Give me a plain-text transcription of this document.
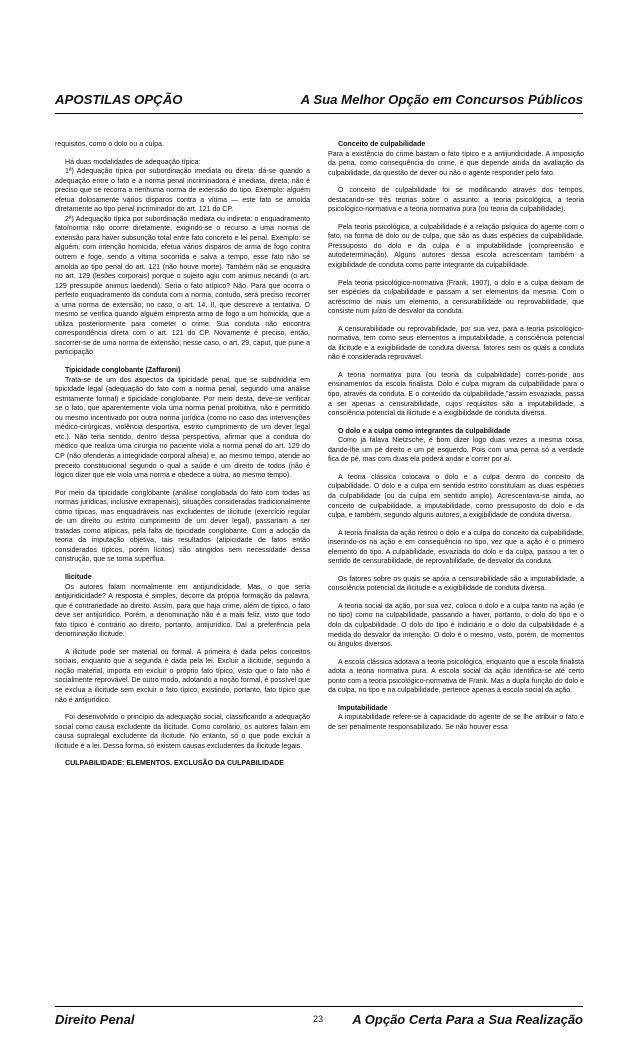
APOSTILAS OPÇÃO	A Sua Melhor Opção em Concursos Públicos

requisitos, como o dolo ou a culpa.

Há duas modalidades de adequação típica:

1ª) Adequação típica por subordinação imediata ou direta: dá-se quando a adequação entre o fato e a norma penal incriminadora é imediata, direta; não é preciso que se recorra a nenhuma norma de extensão do tipo. Exemplo: alguém efetua dolosamente vários disparos contra a vítima — este fato se amolda diretamente ao tipo penal incriminador do art. 121 do CP.

2ª) Adequação típica por subordinação mediata ou indireta: o enquadramento fato/norma não ocorre diretamente, exigindo-se o recurso a uma norma de extensão para haver subsunção total entre fato concreto e lei penal. Exemplo: se alguém, com intenção homicida, efetua vários disparos de arma de fogo contra outrem e foge, sendo a vítima socorrida e salva a tempo, esse fato não se amolda ao tipo penal do art. 121 (não houve morte). Também não se enquadra no art. 129 (lesões corporais) porque o sujeito agiu com animus necandi (o art. 129 pressupõe animus laedendi). Seria o fato atípico? Não. Para que ocorra o perfeito enquadramento da conduta com a norma, contudo, será preciso recorrer a uma norma de extensão; no caso, o art. 14, II, que descreve a tentativa. O mesmo se verifica quando alguém empresta arma de fogo a um homicida, que a utiliza posteriormente para cometer o crime. Sua conduta não encontra correspondência direta com o art. 121 do CP. Novamente é preciso, então, socorrer-se de uma norma de extensão; nesse caso, o art. 29, caput, que pune a participação

Tipicidade conglobante (Zaffaroni)

Trata-se de um dos aspectos da tipicidade penal, que se subdividiria em tipicidade legal (adequação do fato com a norma penal, segundo uma análise estritamente formal) e tipicidade conglobante. Por meio desta, deve-se verificar se o fato, que aparentemente viola uma norma penal proibitiva, não é permitido ou mesmo incentivado por outra norma jurídica (como no caso das intervenções médico-cirúrgicas, violência desportiva, estrito cumprimento de um dever legal etc.). Não teria sentido, dentro dessa perspectiva, afirmar que a conduta do médico que realiza uma cirurgia no paciente viola a norma penal do art. 129 do CP (não ofenderás a integridade corporal alheia) e, ao mesmo tempo, atende ao preceito constitucional segundo o qual a saúde é um direito de todos (não é lógico dizer que ele viola uma norma e obedece a outra, ao mesmo tempo).

Por meio da tipicidade conglobante (análise conglobada do fato com todas as normas jurídicas, inclusive extrapenais), situações consideradas tradicionalmente como típicas, mas enquadráveis nas excludentes de ilicitude (exercício regular de um direito ou estrito cumprimento de um dever legal), passariam a ser tratadas como atípicas, pela falta de tipicidade conglobante. Com a adoção da teoria da imputação objetiva, tais resultados (atipicidade de fatos então considerados típicos, porém lícitos) são atingidos sem necessidade dessa construção, que se torna supérflua.

Ilicitude

Os autores falam normalmente em antijuridicidade. Mas, o que seria antijuridicidade? A resposta é simples, decorre da própria formação da palavra, que é contrariedade ao direito. Assim, para que haja crime, além de típico, o fato deve ser antijurídico. Porém, a denominação não é a mais feliz, visto que todo fato típico é contrário ao direito, portanto, antijurídico. Daí a preferência pela denominação ilicitude.

A ilicitude pode ser material ou formal. A primeira é dada pelos conceitos sociais, enquanto que a segunda é dada pela lei. Excluir a ilicitude, segundo a noção material, importa em excluir o próprio fato típico, visto que o fato não é socialmente reprovável. De outro modo, adotando a noção formal, é possível que se exclua a ilicitude sem excluir o fato típico, existindo, portanto, fato típico que não é antijurídico.

Foi desenvolvido o princípio da adequação social, classificando a adequação social como causa excludente da ilicitude. Como corolário, os autores falam em causa supralegal excludente da ilicitude. No entanto, só o que pode excluir a ilicitude é a lei. Dessa forma, só existem causas excludentes da ilicitude legais.

CULPABILIDADE: ELEMENTOS. EXCLUSÃO DA CULPABILIDADE

Conceito de culpabilidade

Para a existência do crime bastam o fato típico e a antijuridicidade. A imposição da pena, como consequência do crime, é que depende ainda da avaliação da culpabilidade, da questão de dever ou não o agente responder pelo fato.

O conceito de culpabilidade foi se modificando através dos tempos, destacando-se três teorias sobre o assunto: a teoria psicológica, a teoria psicológico-normativa e a teoria normativa pura (ou teoria da culpabilidade).

Pela teoria psicológica, a culpabilidade é a relação psíquica do agente com o fato, na forma de dolo ou de culpa, que são as duas espécies da culpabilidade. Pressuposto do dolo e da culpa é a imputabilidade (compreensão e autodeterminação). Alguns autores dessa escola acrescentam também a exigibilidade de conduta como parte integrante da culpabilidade.

Pela teoria psicológico-normativa (Frank, 1907), o dolo e a culpa deixam de ser espécies da culpabilidade e passam a ser elementos da mesma. Com o acréscimo de mais um elemento, a censurabilidade ou reprovabilidade, que consiste num juízo de desvalor da conduta.

A censurabilidade ou reprovabilidade, por sua vez, para a teoria psicológico-normativa, tem como seus elementos a imputabilidade, a consciência potencial da ilicitude e a exigibilidade de conduta diversa, fatores sem os quais a conduta não é considerada reprovável.

A teoria normativa pura (ou teoria da culpabilidade) corres-ponde aos ensinamentos da escola finalista. Dolo e culpa migram da culpabilidade para o tipo, através da conduta. E o conteúdo da culpabilidade,"assim esvaziada, passa a ser apenas a censurabilidade, cujos requisitos são a imputabilidade, a consciência potencial da ilicitude e a exigibilidade de conduta diversa.

O dolo e a culpa como integrantes da culpabilidade

Como já falava Nietzsche, é bom dizer logo duas vezes a mesma coisa, dando-lhe um pé direito e um pé esquerdo. Pois com uma perna só a verdade fica de pé, mas com duas ela poderá andar e correr por aí.

A teoria clássica colocava o dolo e a culpa dentro do conceito da culpabilidade. O dolo e a culpa em sentido estrito constituíam as duas espécies da culpabilidade (ou da culpa em sentido amplo). Acrescentava-se ainda, ao conceito de culpabilidade, a imputabilidade, como pressuposto do dolo e da culpa, e também, segundo alguns autores, a exigibilidade de conduta diversa.

A teoria finalista da ação retirou o dolo e a culpa do conceito da culpabilidade, inserindo-os na ação e em consequência no tipo, vez que a ação é o primeiro elemento do tipo. A culpabilidade, esvaziada do dolo e da culpa, passou a ter o sentido de censurabilidade, de reprovabilidade, de desvalor da conduta.

Os fatores sobre os quais se apóia a censurabilidade são a imputabilidade, a consciência potencial da ilicitude e a exigibilidade de conduta diversa.

A teoria social da ação, por sua vez, coloca o dolo e a culpa tanto na ação (e no tipo) como na culpabilidade, passando a haver, portanto, o dolo do tipo e o dolo da culpabilidade. O dolo do tipo é indiciário e o dolo da culpabilidade é a medida do desvalor da intenção. O dolo é o mesmo, visto, porém, de momentos ou ângulos diversos.

A escola clássica adotava a teoria psicológica, enquanto que a escola finalista adota a teoria normativa pura. A escola social da ação identifica-se até certo ponto com a teoria psicológico-normativa de Frank. Mas a dupla função do dolo e da culpa, no tipo e na culpabilidade, pertence apenas à escola social da ação.

Imputabilidade

A imputabilidade refere-se à capacidade do agente de se lhe atribuir o fato e de ser penalmente responsabilizado. Se não houver essa

Direito Penal	23 A Opção Certa Para a Sua Realização
